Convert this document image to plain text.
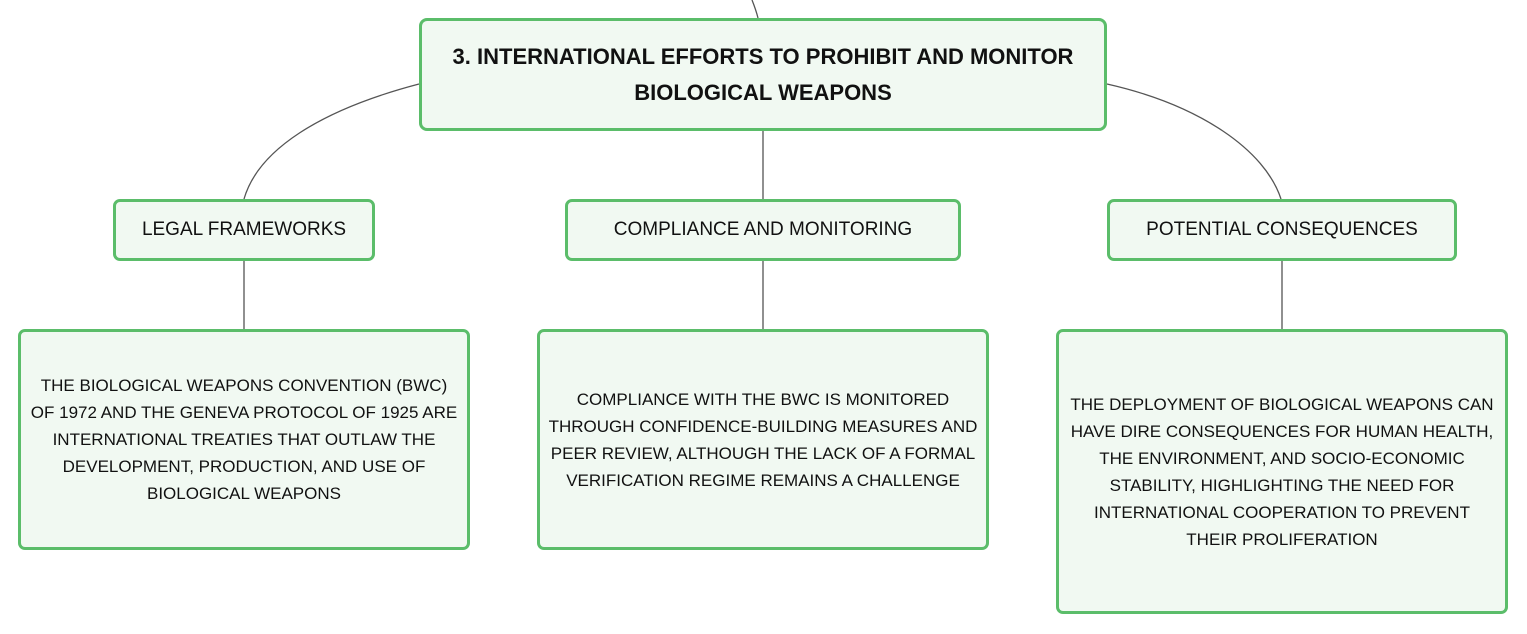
3. INTERNATIONAL EFFORTS TO PROHIBIT AND MONITOR BIOLOGICAL WEAPONS
LEGAL FRAMEWORKS	COMPLIANCE AND MONITORING	POTENTIAL CONSEQUENCES
THE BIOLOGICAL WEAPONS CONVENTION (BWC) OF 1972 AND THE GENEVA PROTOCOL OF 1925 ARE INTERNATIONAL TREATIES THAT OUTLAW THE DEVELOPMENT, PRODUCTION, AND USE OF BIOLOGICAL WEAPONS
COMPLIANCE WITH THE BWC IS MONITORED THROUGH CONFIDENCE-BUILDING MEASURES AND PEER REVIEW, ALTHOUGH THE LACK OF A FORMAL VERIFICATION REGIME REMAINS A CHALLENGE
THE DEPLOYMENT OF BIOLOGICAL WEAPONS CAN HAVE DIRE CONSEQUENCES FOR HUMAN HEALTH, THE ENVIRONMENT, AND SOCIO-ECONOMIC STABILITY, HIGHLIGHTING THE NEED FOR INTERNATIONAL COOPERATION TO PREVENT THEIR PROLIFERATION
